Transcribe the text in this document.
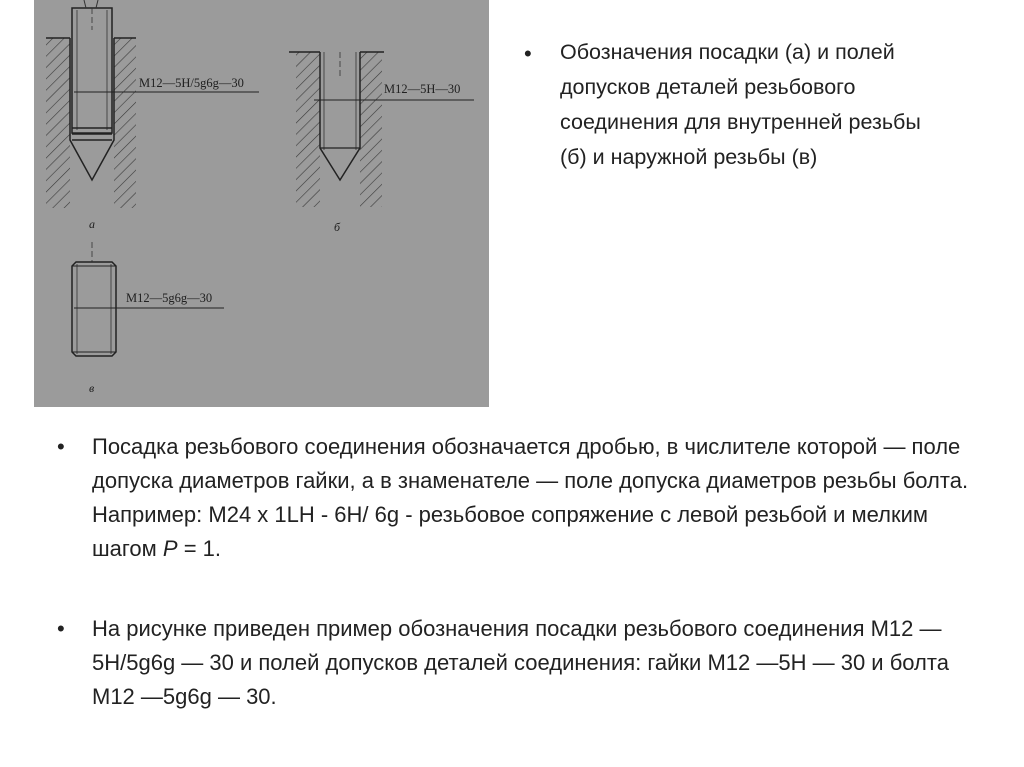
M12—5H/5g6g—30
а
M12—5H—30
б
M12—5g6g—30
в
•	Обозначения посадки (а) и полей допусков деталей резьбового соединения для внутренней резьбы (б) и наружной резьбы (в)
•	Посадка резьбового соединения обозначается дробью, в числителе которой — поле допуска диаметров гайки, а в знаменателе — поле допуска диаметров резьбы болта. Например: М24 х 1LН - 6Н/ 6g - резьбовое сопряжение с левой резьбой и мелким шагом Р = 1.
•	На рисунке приведен пример обозначения посадки резьбового соединения М12 —5Н/5g6g — 30 и полей допусков деталей соединения: гайки М12 —5Н — 30 и болта М12 —5g6g — 30.
